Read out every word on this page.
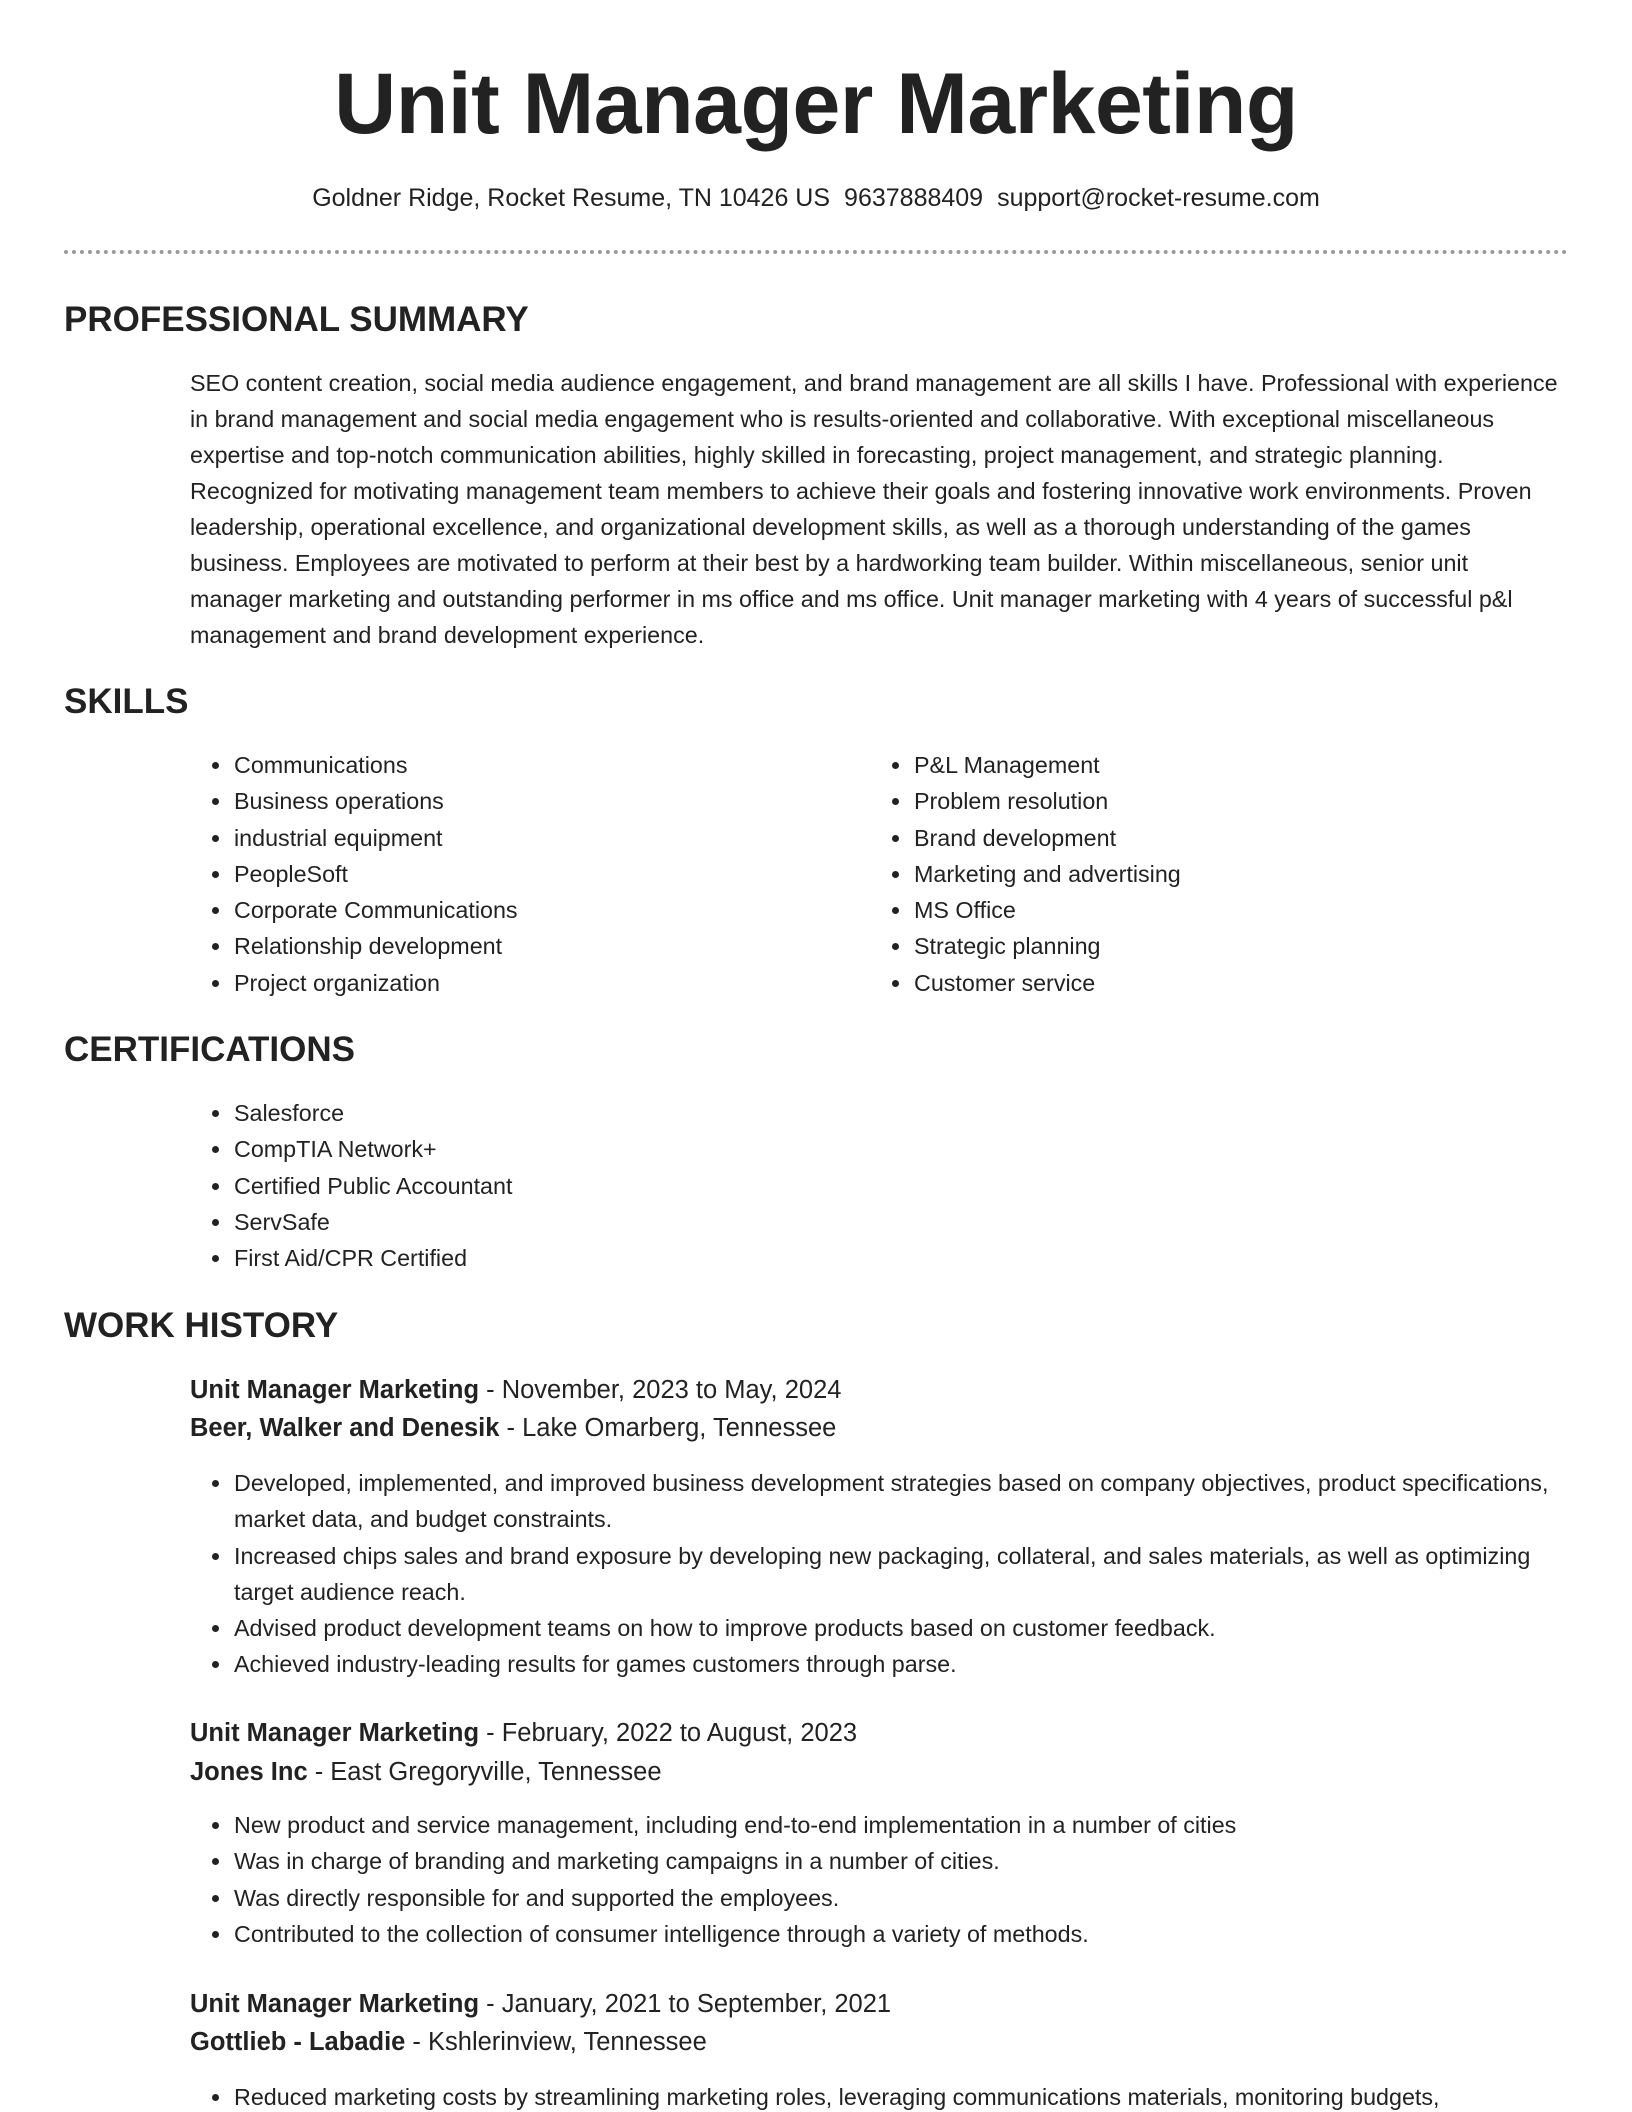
Unit Manager Marketing
Goldner Ridge, Rocket Resume, TN 10426 US 9637888409 support@rocket-resume.com
PROFESSIONAL SUMMARY

SEO content creation, social media audience engagement, and brand management are all skills I have. Professional with experience in brand management and social media engagement who is results-oriented and collaborative. With exceptional miscellaneous expertise and top-notch communication abilities, highly skilled in forecasting, project management, and strategic planning. Recognized for motivating management team members to achieve their goals and fostering innovative work environments. Proven leadership, operational excellence, and organizational development skills, as well as a thorough understanding of the games business. Employees are motivated to perform at their best by a hardworking team builder. Within miscellaneous, senior unit manager marketing and outstanding performer in ms office and ms office. Unit manager marketing with 4 years of successful p&l management and brand development experience.

SKILLS
• Communications
• Business operations
• industrial equipment
• PeopleSoft
• Corporate Communications
• Relationship development
• Project organization
• P&L Management
• Problem resolution
• Brand development
• Marketing and advertising
• MS Office
• Strategic planning
• Customer service
CERTIFICATIONS
• Salesforce
• CompTIA Network+
• Certified Public Accountant
• ServSafe
• First Aid/CPR Certified
WORK HISTORY

Unit Manager Marketing - November, 2023 to May, 2024

Beer, Walker and Denesik - Lake Omarberg, Tennessee

• Developed, implemented, and improved business development strategies based on company objectives, product specifications, market data, and budget constraints.
• Increased chips sales and brand exposure by developing new packaging, collateral, and sales materials, as well as optimizing target audience reach.
• Advised product development teams on how to improve products based on customer feedback.
• Achieved industry-leading results for games customers through parse.

Unit Manager Marketing - February, 2022 to August, 2023

Jones Inc - East Gregoryville, Tennessee

• New product and service management, including end-to-end implementation in a number of cities
• Was in charge of branding and marketing campaigns in a number of cities.
• Was directly responsible for and supported the employees.
• Contributed to the collection of consumer intelligence through a variety of methods.

Unit Manager Marketing - January, 2021 to September, 2021

Gottlieb - Labadie - Kshlerinview, Tennessee

• Reduced marketing costs by streamlining marketing roles, leveraging communications materials, monitoring budgets,
